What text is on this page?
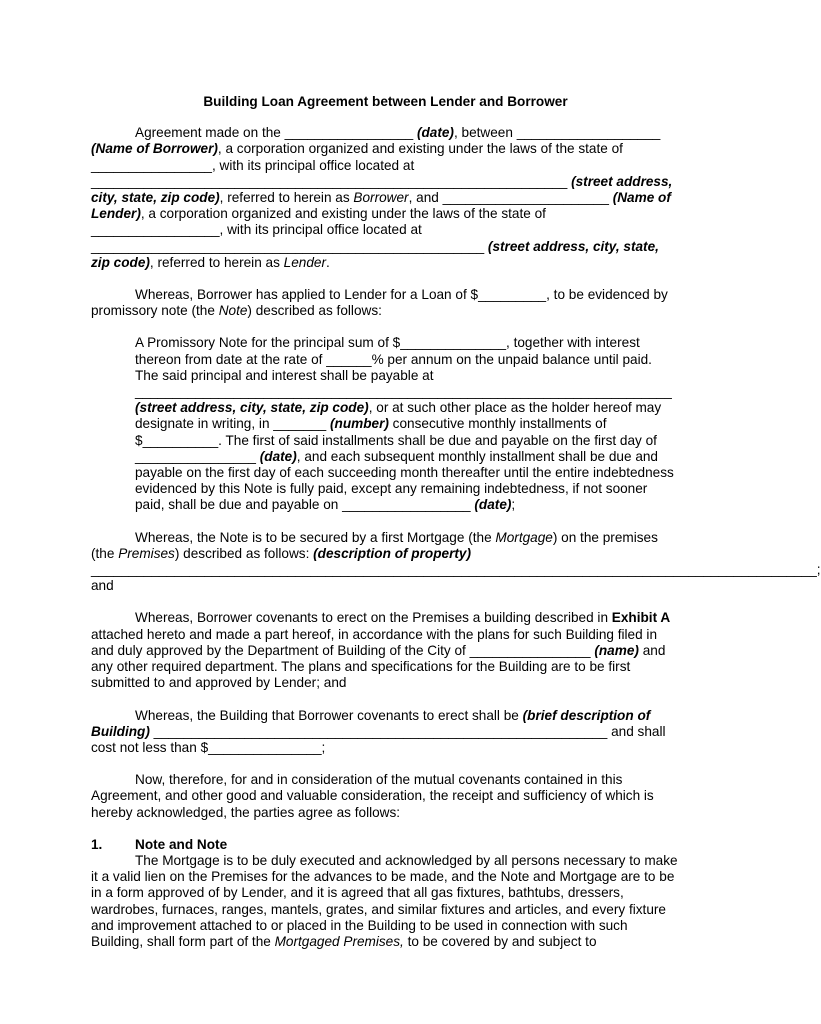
Building Loan Agreement between Lender and Borrower

Agreement made on the _________________ (date), between ___________________ (Name of Borrower), a corporation organized and existing under the laws of the state of ________________, with its principal office located at _______________________________________________________________ (street address, city, state, zip code), referred to herein as Borrower, and ______________________ (Name of Lender), a corporation organized and existing under the laws of the state of _________________, with its principal office located at ____________________________________________________ (street address, city, state, zip code), referred to herein as Lender.

Whereas, Borrower has applied to Lender for a Loan of $_________, to be evidenced by promissory note (the Note) described as follows:

A Promissory Note for the principal sum of $______________, together with interest thereon from date at the rate of ______% per annum on the unpaid balance until paid. The said principal and interest shall be payable at _______________________________________________________________________ (street address, city, state, zip code), or at such other place as the holder hereof may designate in writing, in _______ (number) consecutive monthly installments of $__________. The first of said installments shall be due and payable on the first day of ________________ (date), and each subsequent monthly installment shall be due and payable on the first day of each succeeding month thereafter until the entire indebtedness evidenced by this Note is fully paid, except any remaining indebtedness, if not sooner paid, shall be due and payable on _________________ (date);

Whereas, the Note is to be secured by a first Mortgage (the Mortgage) on the premises (the Premises) described as follows: (description of property) ________________________________________________________________________________________________; and

Whereas, Borrower covenants to erect on the Premises a building described in Exhibit A attached hereto and made a part hereof, in accordance with the plans for such Building filed in and duly approved by the Department of Building of the City of ________________ (name) and any other required department. The plans and specifications for the Building are to be first submitted to and approved by Lender; and

Whereas, the Building that Borrower covenants to erect shall be (brief description of Building) ____________________________________________________________ and shall cost not less than $_______________;

Now, therefore, for and in consideration of the mutual covenants contained in this Agreement, and other good and valuable consideration, the receipt and sufficiency of which is hereby acknowledged, the parties agree as follows:

1. Note and Note

The Mortgage is to be duly executed and acknowledged by all persons necessary to make it a valid lien on the Premises for the advances to be made, and the Note and Mortgage are to be in a form approved of by Lender, and it is agreed that all gas fixtures, bathtubs, dressers, wardrobes, furnaces, ranges, mantels, grates, and similar fixtures and articles, and every fixture and improvement attached to or placed in the Building to be used in connection with such Building, shall form part of the Mortgaged Premises, to be covered by and subject to
